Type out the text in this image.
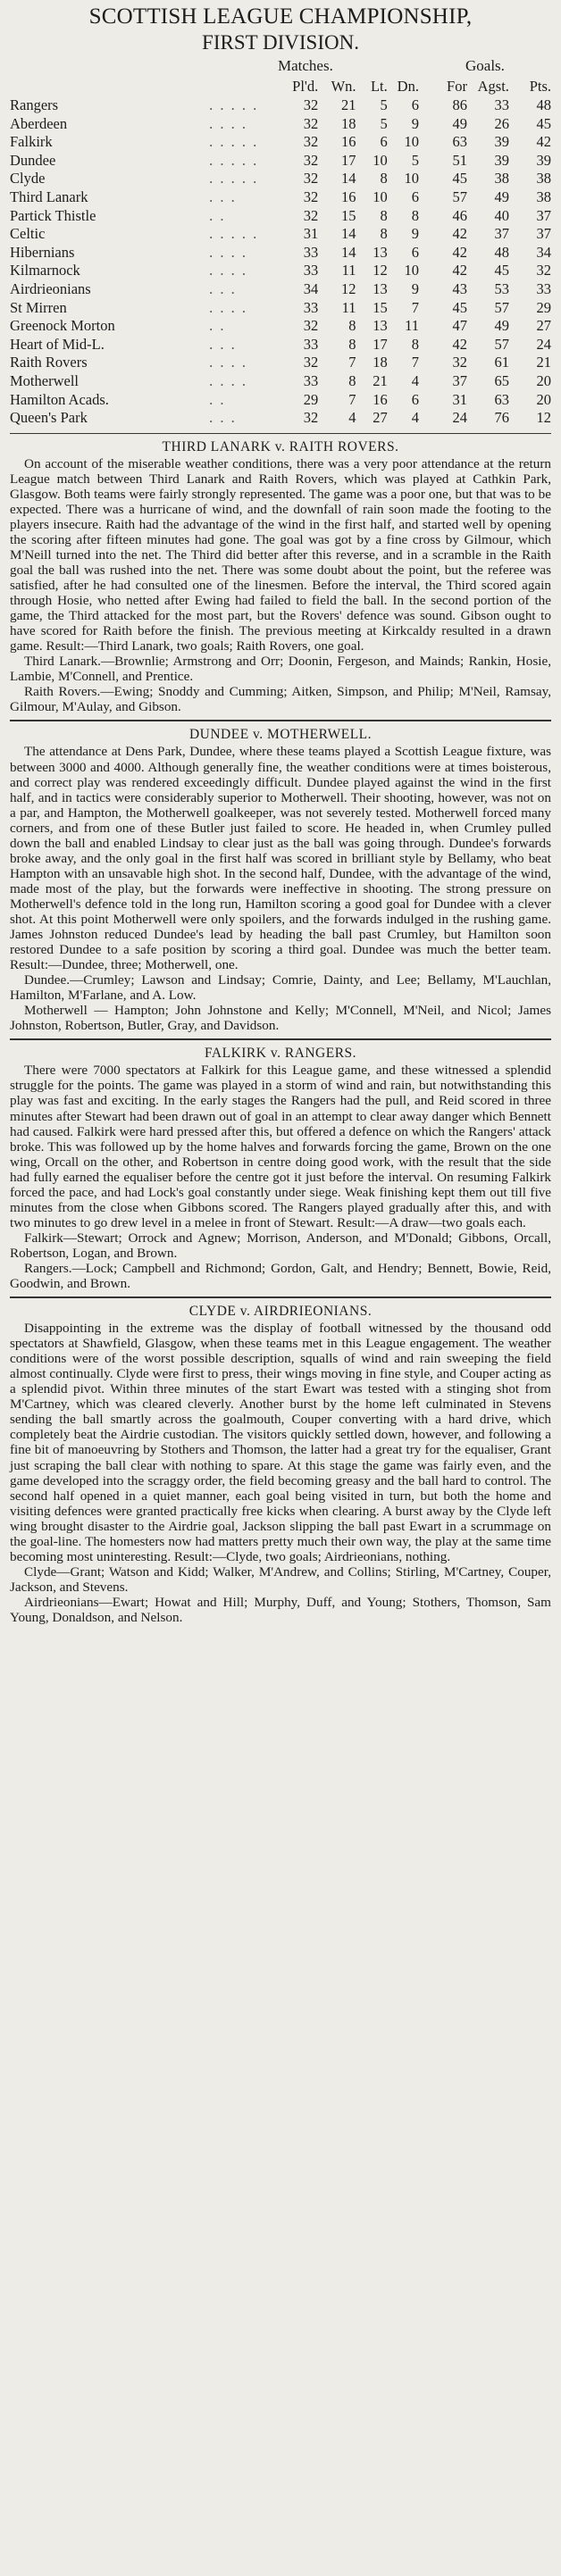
SCOTTISH LEAGUE CHAMPIONSHIP,
FIRST DIVISION.
Matches.	Goals.
		Pl'd.	Wn.	Lt.	Dn.	For	Agst.	Pts.
Rangers	. . . . .	32	21	5	6	86	33	48
Aberdeen	. . . .	32	18	5	9	49	26	45
Falkirk	. . . . .	32	16	6	10	63	39	42
Dundee	. . . . .	32	17	10	5	51	39	39
Clyde	. . . . .	32	14	8	10	45	38	38
Third Lanark	. . .	32	16	10	6	57	49	38
Partick Thistle	. .	32	15	8	8	46	40	37
Celtic	. . . . .	31	14	8	9	42	37	37
Hibernians	. . . .	33	14	13	6	42	48	34
Kilmarnock	. . . .	33	11	12	10	42	45	32
Airdrieonians	. . .	34	12	13	9	43	53	33
St Mirren	. . . .	33	11	15	7	45	57	29
Greenock Morton	. .	32	8	13	11	47	49	27
Heart of Mid-L.	. . .	33	8	17	8	42	57	24
Raith Rovers	. . . .	32	7	18	7	32	61	21
Motherwell	. . . .	33	8	21	4	37	65	20
Hamilton Acads.	. .	29	7	16	6	31	63	20
Queen's Park	. . .	32	4	27	4	24	76	12
THIRD LANARK v. RAITH ROVERS.

On account of the miserable weather conditions, there was a very poor attendance at the return League match between Third Lanark and Raith Rovers, which was played at Cathkin Park, Glasgow. Both teams were fairly strongly represented. The game was a poor one, but that was to be expected. There was a hurricane of wind, and the downfall of rain soon made the footing to the players insecure. Raith had the advantage of the wind in the first half, and started well by opening the scoring after fifteen minutes had gone. The goal was got by a fine cross by Gilmour, which M'Neill turned into the net. The Third did better after this reverse, and in a scramble in the Raith goal the ball was rushed into the net. There was some doubt about the point, but the referee was satisfied, after he had consulted one of the linesmen. Before the interval, the Third scored again through Hosie, who netted after Ewing had failed to field the ball. In the second portion of the game, the Third attacked for the most part, but the Rovers' defence was sound. Gibson ought to have scored for Raith before the finish. The previous meeting at Kirkcaldy resulted in a drawn game. Result:—Third Lanark, two goals; Raith Rovers, one goal.

Third Lanark.—Brownlie; Armstrong and Orr; Doonin, Fergeson, and Mainds; Rankin, Hosie, Lambie, M'Connell, and Prentice.

Raith Rovers.—Ewing; Snoddy and Cumming; Aitken, Simpson, and Philip; M'Neil, Ramsay, Gilmour, M'Aulay, and Gibson.

DUNDEE v. MOTHERWELL.

The attendance at Dens Park, Dundee, where these teams played a Scottish League fixture, was between 3000 and 4000. Although generally fine, the weather conditions were at times boisterous, and correct play was rendered exceedingly difficult. Dundee played against the wind in the first half, and in tactics were considerably superior to Motherwell. Their shooting, however, was not on a par, and Hampton, the Motherwell goalkeeper, was not severely tested. Motherwell forced many corners, and from one of these Butler just failed to score. He headed in, when Crumley pulled down the ball and enabled Lindsay to clear just as the ball was going through. Dundee's forwards broke away, and the only goal in the first half was scored in brilliant style by Bellamy, who beat Hampton with an unsavable high shot. In the second half, Dundee, with the advantage of the wind, made most of the play, but the forwards were ineffective in shooting. The strong pressure on Motherwell's defence told in the long run, Hamilton scoring a good goal for Dundee with a clever shot. At this point Motherwell were only spoilers, and the forwards indulged in the rushing game. James Johnston reduced Dundee's lead by heading the ball past Crumley, but Hamilton soon restored Dundee to a safe position by scoring a third goal. Dundee was much the better team. Result:—Dundee, three; Motherwell, one.

Dundee.—Crumley; Lawson and Lindsay; Comrie, Dainty, and Lee; Bellamy, M'Lauchlan, Hamilton, M'Farlane, and A. Low.

Motherwell — Hampton; John Johnstone and Kelly; M'Connell, M'Neil, and Nicol; James Johnston, Robertson, Butler, Gray, and Davidson.

FALKIRK v. RANGERS.

There were 7000 spectators at Falkirk for this League game, and these witnessed a splendid struggle for the points. The game was played in a storm of wind and rain, but notwithstanding this play was fast and exciting. In the early stages the Rangers had the pull, and Reid scored in three minutes after Stewart had been drawn out of goal in an attempt to clear away danger which Bennett had caused. Falkirk were hard pressed after this, but offered a defence on which the Rangers' attack broke. This was followed up by the home halves and forwards forcing the game, Brown on the one wing, Orcall on the other, and Robertson in centre doing good work, with the result that the side had fully earned the equaliser before the centre got it just before the interval. On resuming Falkirk forced the pace, and had Lock's goal constantly under siege. Weak finishing kept them out till five minutes from the close when Gibbons scored. The Rangers played gradually after this, and with two minutes to go drew level in a melee in front of Stewart. Result:—A draw—two goals each.

Falkirk—Stewart; Orrock and Agnew; Morrison, Anderson, and M'Donald; Gibbons, Orcall, Robertson, Logan, and Brown.

Rangers.—Lock; Campbell and Richmond; Gordon, Galt, and Hendry; Bennett, Bowie, Reid, Goodwin, and Brown.

CLYDE v. AIRDRIEONIANS.

Disappointing in the extreme was the display of football witnessed by the thousand odd spectators at Shawfield, Glasgow, when these teams met in this League engagement. The weather conditions were of the worst possible description, squalls of wind and rain sweeping the field almost continually. Clyde were first to press, their wings moving in fine style, and Couper acting as a splendid pivot. Within three minutes of the start Ewart was tested with a stinging shot from M'Cartney, which was cleared cleverly. Another burst by the home left culminated in Stevens sending the ball smartly across the goalmouth, Couper converting with a hard drive, which completely beat the Airdrie custodian. The visitors quickly settled down, however, and following a fine bit of manoeuvring by Stothers and Thomson, the latter had a great try for the equaliser, Grant just scraping the ball clear with nothing to spare. At this stage the game was fairly even, and the game developed into the scraggy order, the field becoming greasy and the ball hard to control. The second half opened in a quiet manner, each goal being visited in turn, but both the home and visiting defences were granted practically free kicks when clearing. A burst away by the Clyde left wing brought disaster to the Airdrie goal, Jackson slipping the ball past Ewart in a scrummage on the goal-line. The homesters now had matters pretty much their own way, the play at the same time becoming most uninteresting. Result:—Clyde, two goals; Airdrieonians, nothing.

Clyde—Grant; Watson and Kidd; Walker, M'Andrew, and Collins; Stirling, M'Cartney, Couper, Jackson, and Stevens.

Airdrieonians—Ewart; Howat and Hill; Murphy, Duff, and Young; Stothers, Thomson, Sam Young, Donaldson, and Nelson.
